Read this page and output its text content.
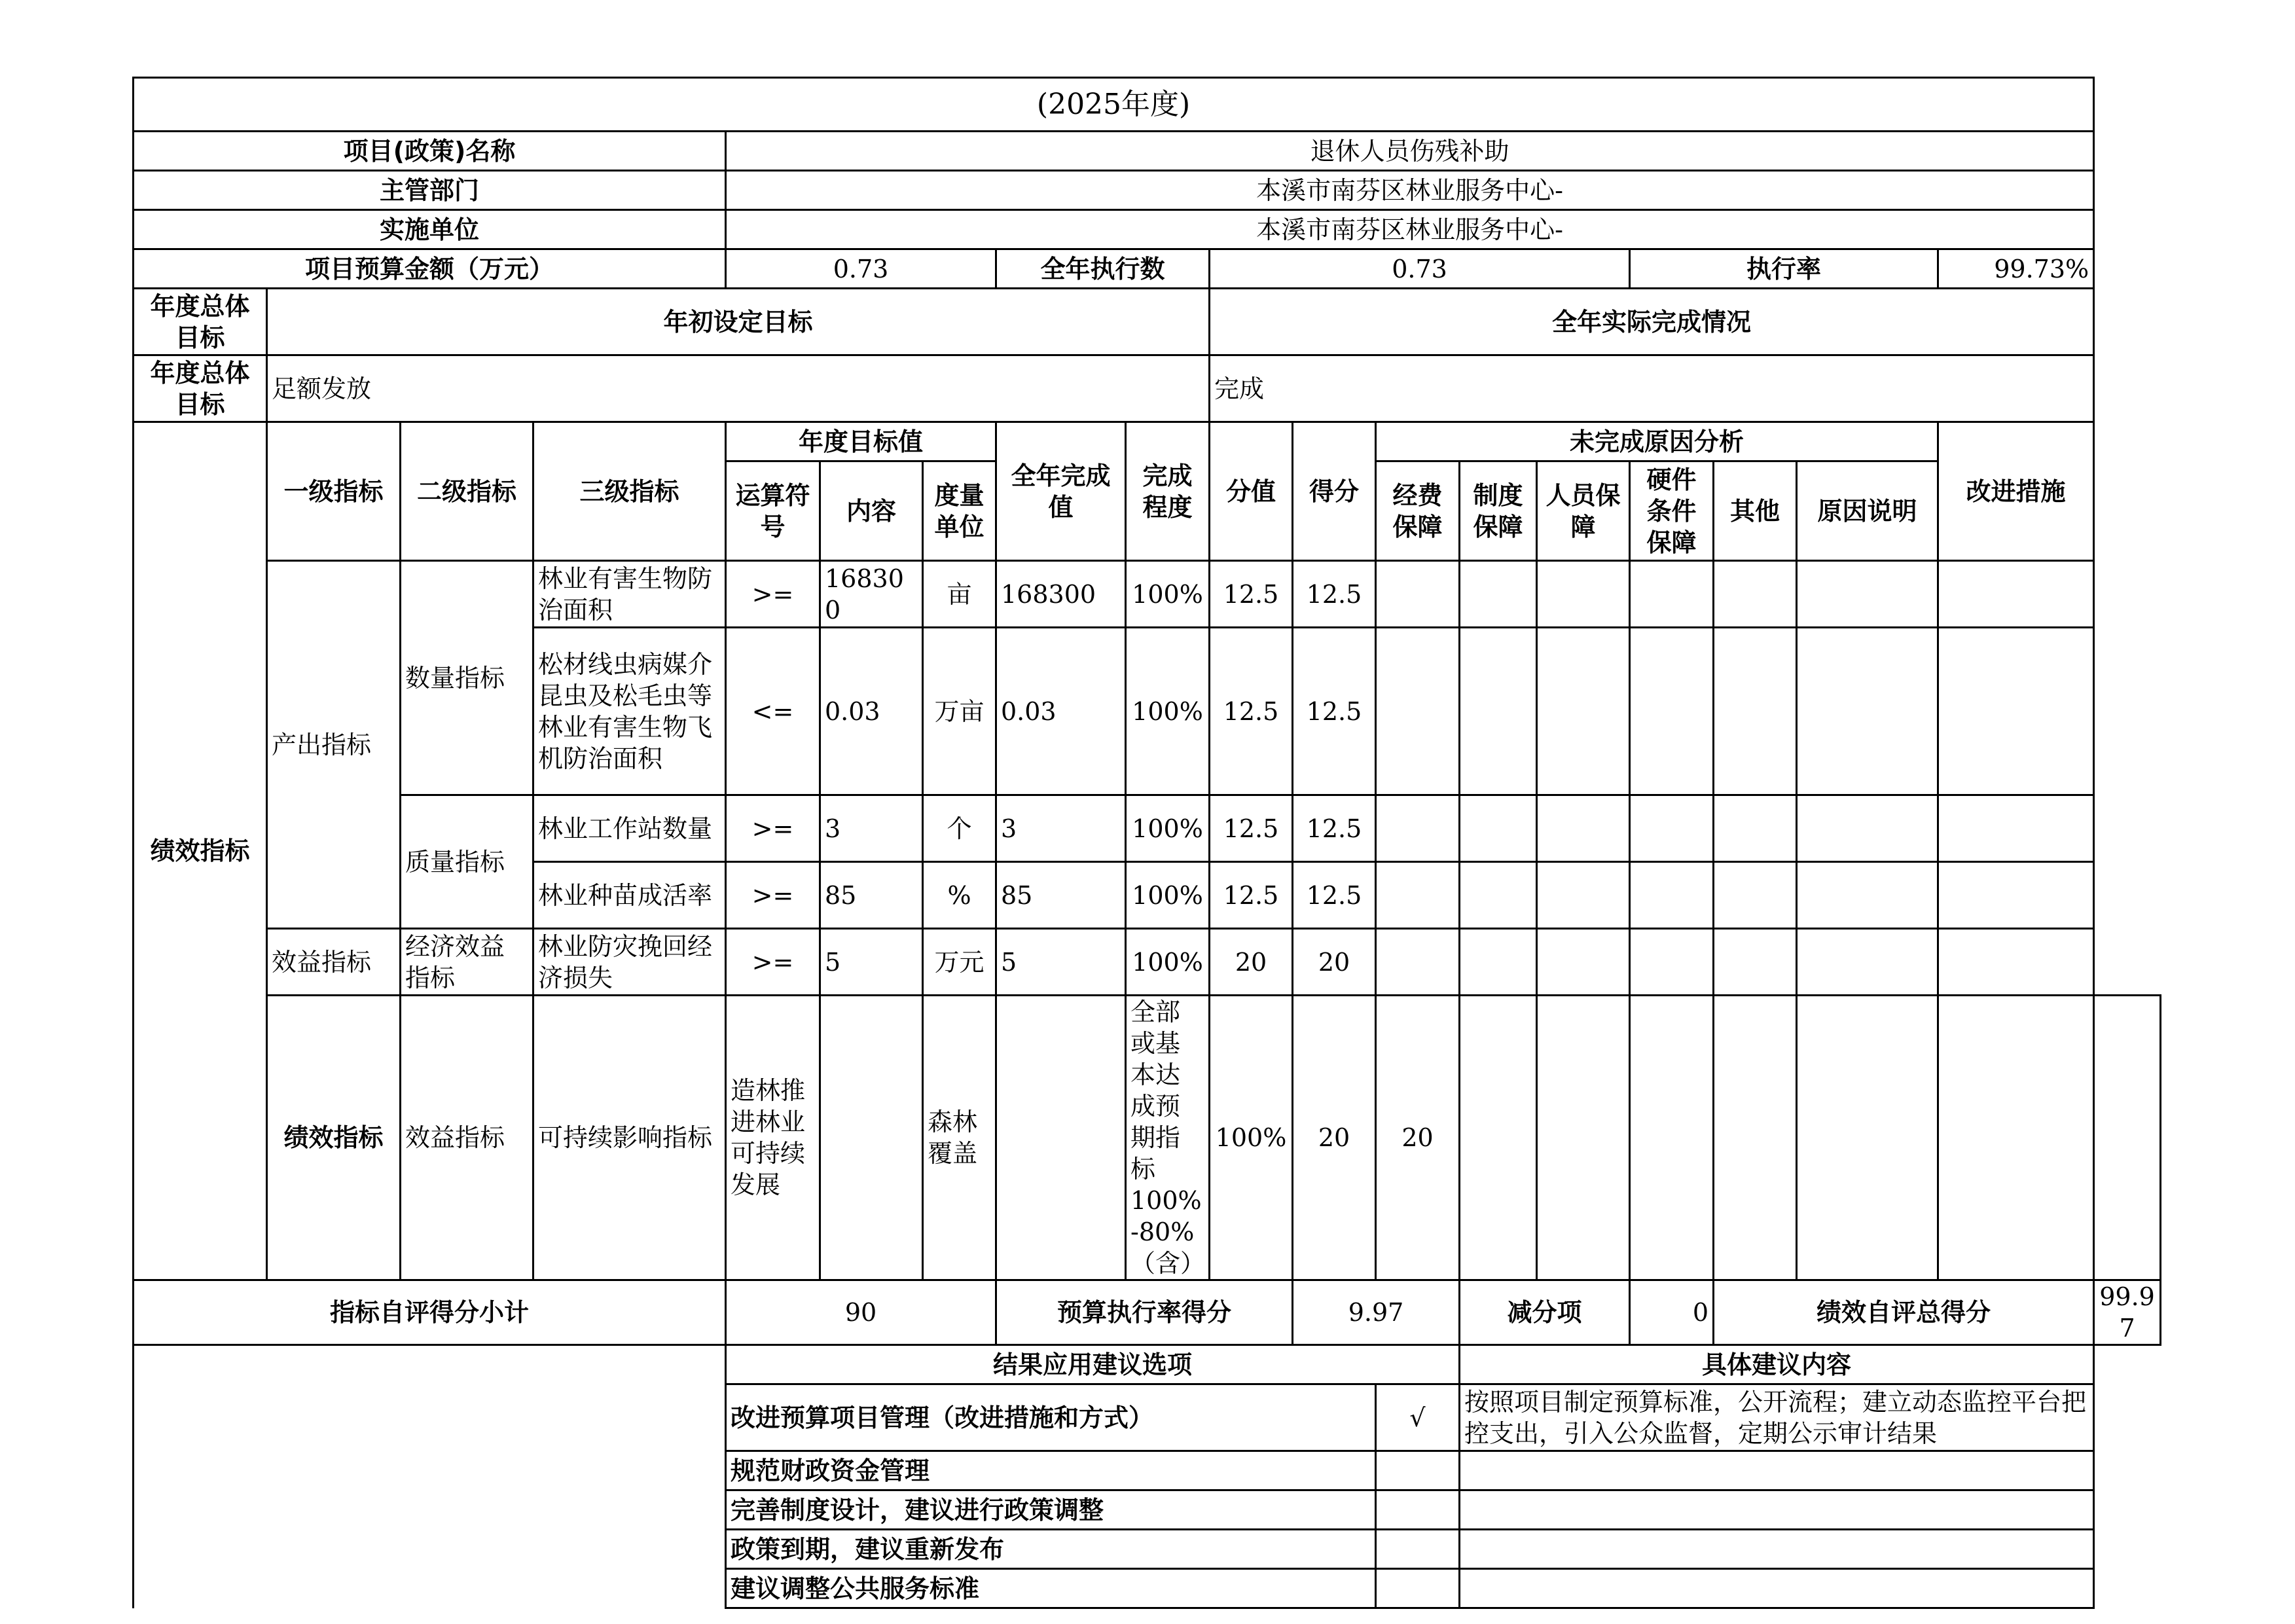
(2025年度)																		
项目(政策)名称				退休人员伤残补助														
主管部门				本溪市南芬区林业服务中心-														
实施单位				本溪市南芬区林业服务中心-														
项目预算金额（万元）				0.73			全年执行数		0.73					执行率			99.73%	
年度总体目标	年初设定目标								全年实际完成情况									
年度总体目标	足额发放								完成									
绩效指标	一级指标	二级指标	三级指标	年度目标值			全年完成值	完成程度	分值	得分	未完成原因分析						改进措施	
				运算符号	内容	度量单位					经费保障	制度保障	人员保障	硬件条件保障	其他	原因说明		
	产出指标	数量指标	林业有害生物防治面积	>=	168300	亩	168300	100%	12.5	12.5								
			松材线虫病媒介昆虫及松毛虫等林业有害生物飞机防治面积	<=	0.03	万亩	0.03	100%	12.5	12.5								
		质量指标	林业工作站数量	>=	3	个	3	100%	12.5	12.5								
			林业种苗成活率	>=	85	%	85	100%	12.5	12.5								
	效益指标	经济效益指标	林业防灾挽回经济损失	>=	5	万元	5	100%	20	20								
	绩效指标	效益指标	可持续影响指标	造林推进林业可持续发展		森林覆盖		全部或基本达成预期指标100%-80%（含）	100%	20	20							
指标自评得分小计				90			预算执行率得分			9.97		减分项		0	绩效自评总得分			99.97
				结果应用建议选项								具体建议内容						
				改进预算项目管理（改进措施和方式）							√	按照项目制定预算标准，公开流程；建立动态监控平台把控支出，引入公众监督，定期公示审计结果						
				规范财政资金管理														
				完善制度设计，建议进行政策调整														
				政策到期，建议重新发布														
				建议调整公共服务标准														
